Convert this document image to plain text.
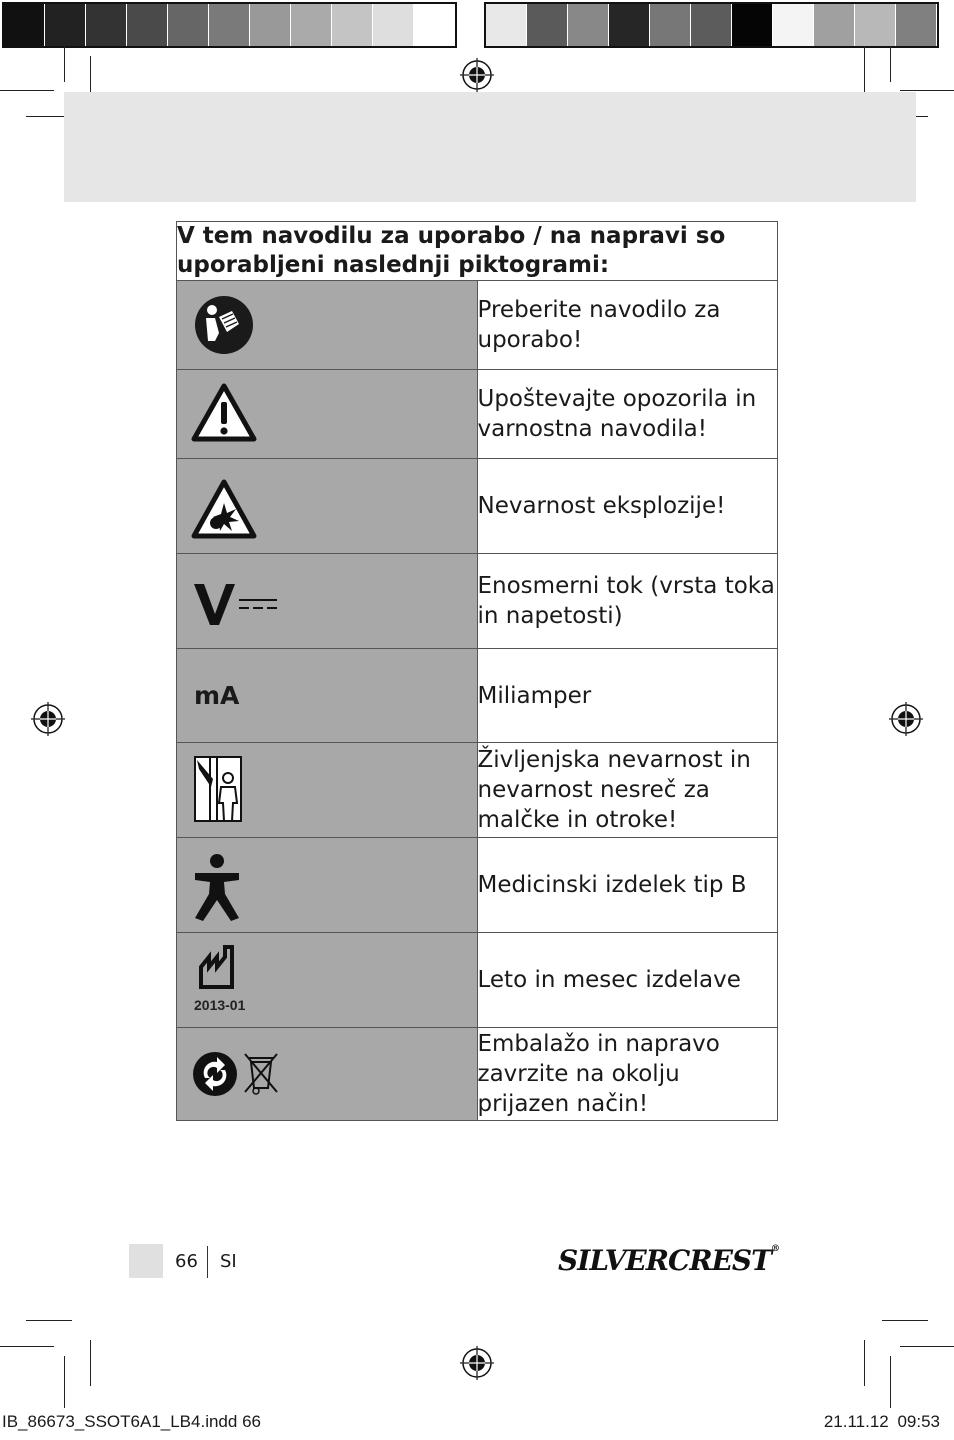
V tem navodilu za uporabo / na napravi so uporabljeni naslednji piktogrami:	

	Preberite navodilo za uporabo!

	Upoštevajte opozorila in varnostna navodila!

	Nevarnost eksplozije!

	Enosmerni tok (vrsta toka in napetosti)
mA	Miliamper

	Življenjska nevarnost in nevarnost nesreč za malčke in otroke!

	Medicinski izdelek tip B

2013-01	Leto in mesec izdelave

	Embalažo in napravo zavrzite na okolju prijazen način!
66 SI	SILVERCREST®
IB_86673_SSOT6A1_LB4.indd 66	21.11.12 09:53
